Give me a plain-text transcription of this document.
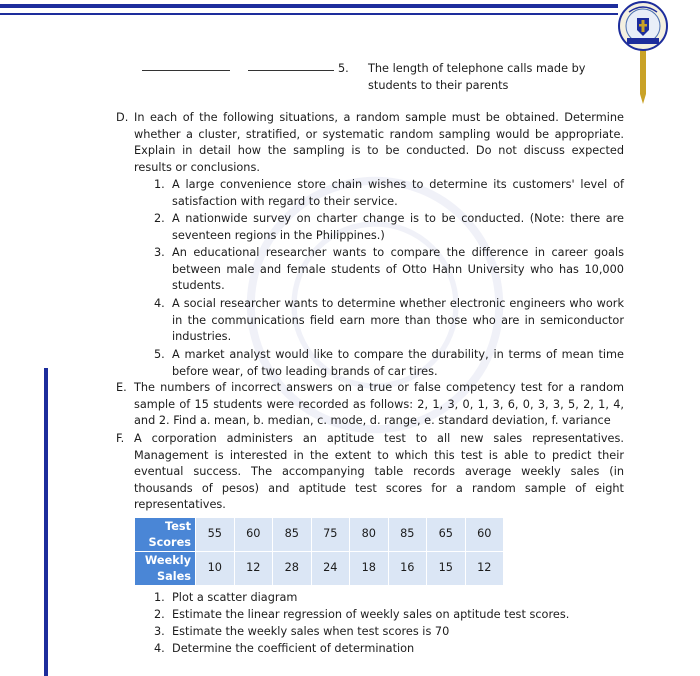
5. The length of telephone calls made by students to their parents
D. In each of the following situations, a random sample must be obtained. Determine whether a cluster, stratified, or systematic random sampling would be appropriate. Explain in detail how the sampling is to be conducted. Do not discuss expected results or conclusions.
1. A large convenience store chain wishes to determine its customers' level of satisfaction with regard to their service.
2. A nationwide survey on charter change is to be conducted. (Note: there are seventeen regions in the Philippines.)
3. An educational researcher wants to compare the difference in career goals between male and female students of Otto Hahn University who has 10,000 students.
4. A social researcher wants to determine whether electronic engineers who work in the communications field earn more than those who are in semiconductor industries.
5. A market analyst would like to compare the durability, in terms of mean time before wear, of two leading brands of car tires.
E. The numbers of incorrect answers on a true or false competency test for a random sample of 15 students were recorded as follows: 2, 1, 3, 0, 1, 3, 6, 0, 3, 3, 5, 2, 1, 4, and 2. Find a. mean, b. median, c. mode, d. range, e. standard deviation, f. variance
F. A corporation administers an aptitude test to all new sales representatives. Management is interested in the extent to which this test is able to predict their eventual success. The accompanying table records average weekly sales (in thousands of pesos) and aptitude test scores for a random sample of eight representatives.
Test
Scores	55	60	85	75	80	85	65	60
Weekly
Sales	10	12	28	24	18	16	15	12
1. Plot a scatter diagram
2. Estimate the linear regression of weekly sales on aptitude test scores.
3. Estimate the weekly sales when test scores is 70
4. Determine the coefficient of determination
